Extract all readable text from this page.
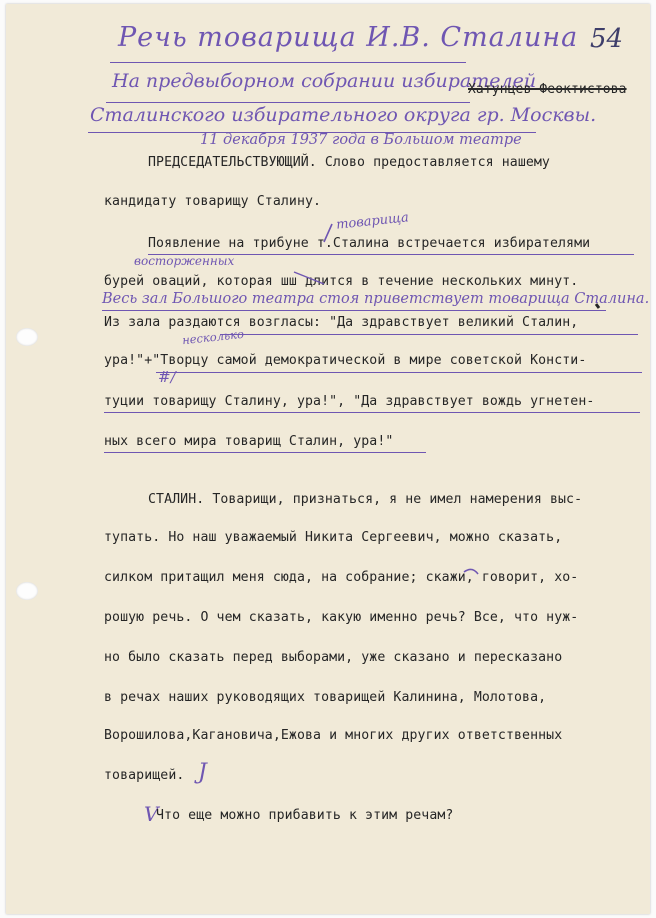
54
Речь товарища И.В. Сталина
На предвыборном собрании избирателей
Хатунцев-Феоктистова
Сталинского избирательного округа гр. Москвы.
11 декабря 1937 года в Большом театре
ПРЕДСЕДАТЕЛЬСТВУЮЩИЙ. Слово предоставляется нашему
кандидату товарищу Сталину.
товарища
Появление на трибуне т.Сталина встречается избирателями
восторженных
бурей оваций, которая шш длится в течение нескольких минут.
Весь зал Большого театра стоя приветствует товарища Сталина.
несколько
Из зала раздаются возгласы: "Да здравствует великий Сталин,
ура!"+"Творцу самой демократической в мире советской Консти-
#/
туции товарищу Сталину, ура!", "Да здравствует вождь угнетен-
ных всего мира товарищ Сталин, ура!"
СТАЛИН. Товарищи, признаться, я не имел намерения выс-
тупать. Но наш уважаемый Никита Сергеевич, можно сказать,
силком притащил меня сюда, на собрание; скажи, говорит, хо-
рошую речь. О чем сказать, какую именно речь? Все, что нуж-
но было сказать перед выборами, уже сказано и пересказано
в речах наших руководящих товарищей Калинина, Молотова,
Ворошилова,Кагановича,Ежова и многих других ответственных
товарищей. J
V
Что еще можно прибавить к этим речам?
